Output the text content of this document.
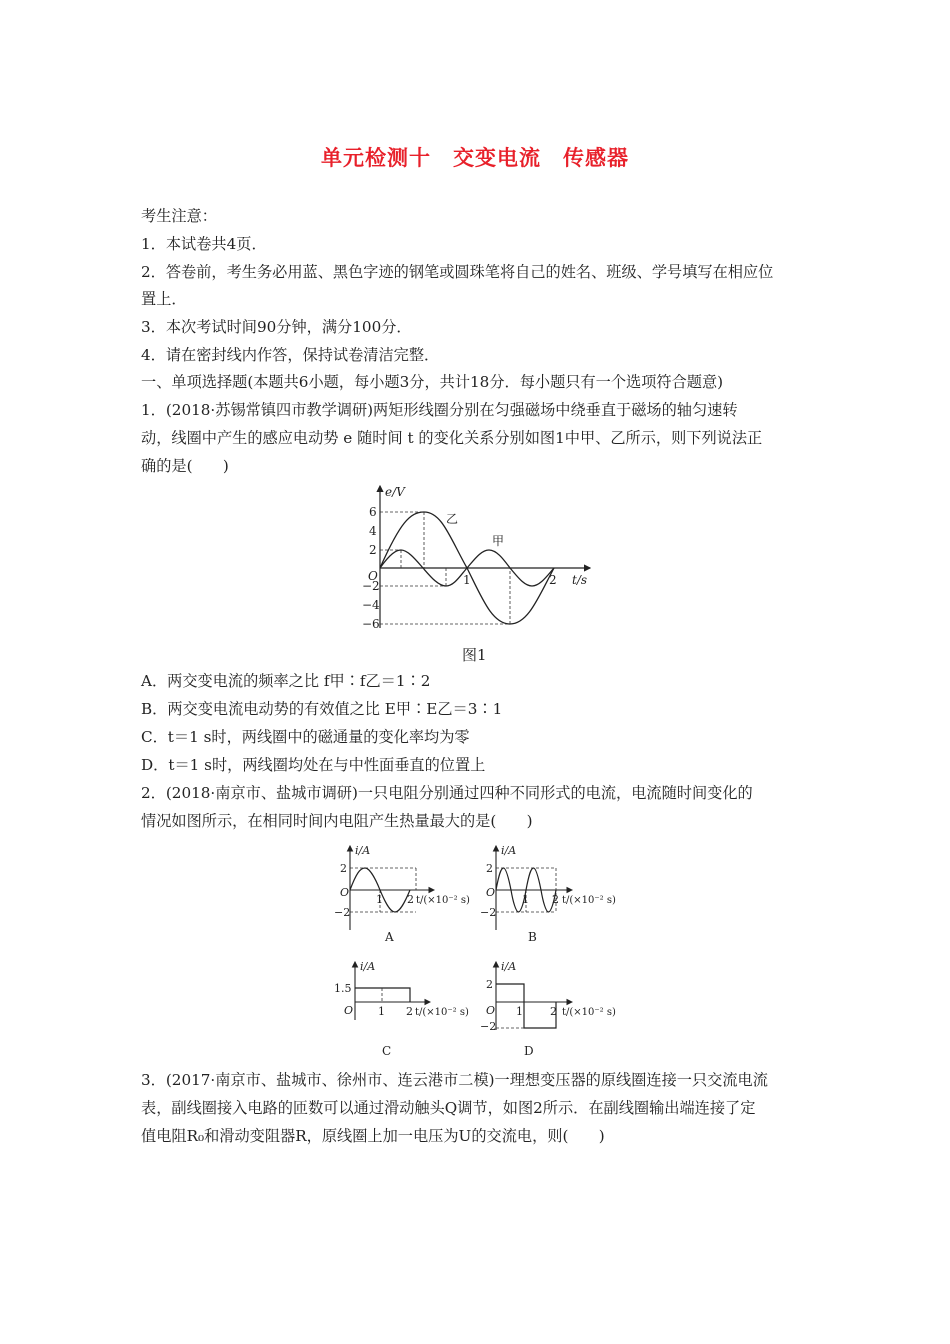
单元检测十　交变电流　传感器
考生注意：
1．本试卷共4页．
2．答卷前，考生务必用蓝、黑色字迹的钢笔或圆珠笔将自己的姓名、班级、学号填写在相应位
置上．
3．本次考试时间90分钟，满分100分．
4．请在密封线内作答，保持试卷清洁完整．
一、单项选择题(本题共6小题，每小题3分，共计18分．每小题只有一个选项符合题意)
1．(2018·苏锡常镇四市教学调研)两矩形线圈分别在匀强磁场中绕垂直于磁场的轴匀速转
动，线圈中产生的感应电动势 e 随时间 t 的变化关系分别如图1中甲、乙所示，则下列说法正
确的是(　　)
e/V
t/s
O
6
4
2
−2
−4
−6
1	2
乙
甲
图1
A．两交变电流的频率之比 f甲∶f乙＝1∶2
B．两交变电流电动势的有效值之比 E甲∶E乙＝3∶1
C．t＝1 s时，两线圈中的磁通量的变化率均为零
D．t＝1 s时，两线圈均处在与中性面垂直的位置上
2．(2018·南京市、盐城市调研)一只电阻分别通过四种不同形式的电流，电流随时间变化的
情况如图所示，在相同时间内电阻产生热量最大的是(　　)
i/A
2
−2
O
1 2 t/(×10⁻² s)
A
i/A
2
−2
O
1 2 t/(×10⁻² s)
B
i/A
1.5
O 1 2 t/(×10⁻² s)
C
i/A
2
−2
O 1 2 t/(×10⁻² s)
D
3．(2017·南京市、盐城市、徐州市、连云港市二模)一理想变压器的原线圈连接一只交流电流
表，副线圈接入电路的匝数可以通过滑动触头Q调节，如图2所示．在副线圈输出端连接了定
值电阻R₀和滑动变阻器R，原线圈上加一电压为U的交流电，则(　　)
